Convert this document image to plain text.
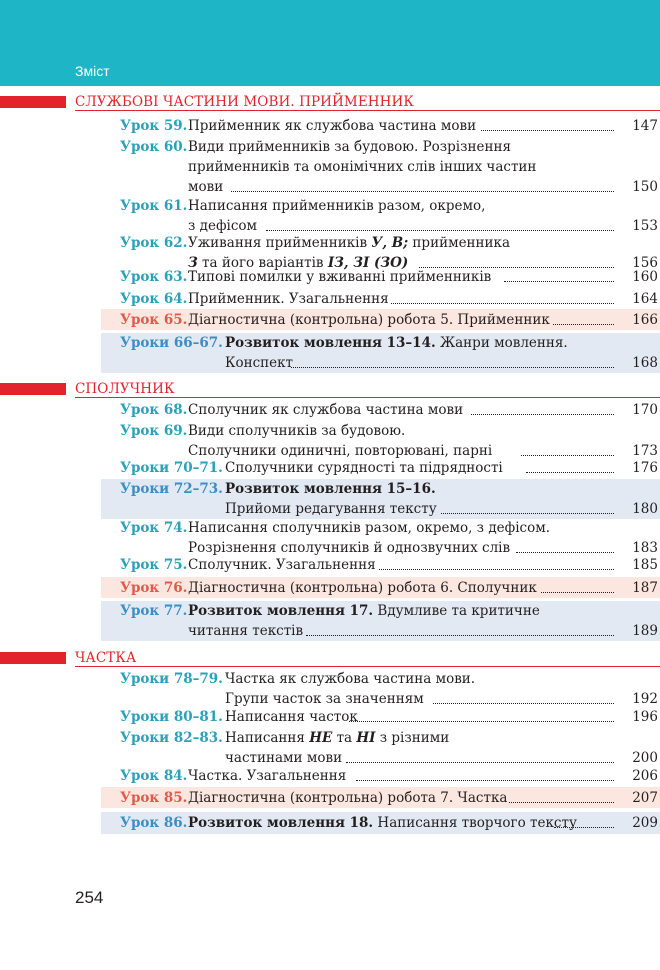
Зміст
СЛУЖБОВІ ЧАСТИНИ МОВИ. ПРИЙМЕННИК
СПОЛУЧНИК
ЧАСТКА
Урок 59. Прийменник як службова частина мови	147
Урок 60. Види прийменників за будовою. Розрізнення
прийменників та омонімічних слів інших частин
мови	150
Урок 61. Написання прийменників разом, окремо,
з дефісом	153
Урок 62. Уживання прийменників У, В; прийменника
З та його варіантів ІЗ, ЗІ (ЗО)	156
Урок 63. Типові помилки у вживанні прийменників	160
Урок 64. Прийменник. Узагальнення	164
Урок 65. Діагностична (контрольна) робота 5. Прийменник	166
Уроки 66–67. Розвиток мовлення 13–14. Жанри мовлення.
Конспект	168
Урок 68. Сполучник як службова частина мови	170
Урок 69. Види сполучників за будовою.
Сполучники одиничні, повторювані, парні	173
Уроки 70–71. Сполучники сурядності та підрядності	176
Уроки 72–73. Розвиток мовлення 15–16.
Прийоми редагування тексту	180
Урок 74. Написання сполучників разом, окремо, з дефісом.
Розрізнення сполучників й однозвучних слів	183
Урок 75. Сполучник. Узагальнення	185
Урок 76. Діагностична (контрольна) робота 6. Сполучник	187
Урок 77. Розвиток мовлення 17. Вдумливе та критичне
читання текстів	189
Уроки 78–79. Частка як службова частина мови.
Групи часток за значенням	192
Уроки 80–81. Написання часток	196
Уроки 82–83. Написання НЕ та НІ з різними
частинами мови	200
Урок 84. Частка. Узагальнення	206
Урок 85. Діагностична (контрольна) робота 7. Частка	207
Урок 86. Розвиток мовлення 18. Написання творчого тексту	209
254
